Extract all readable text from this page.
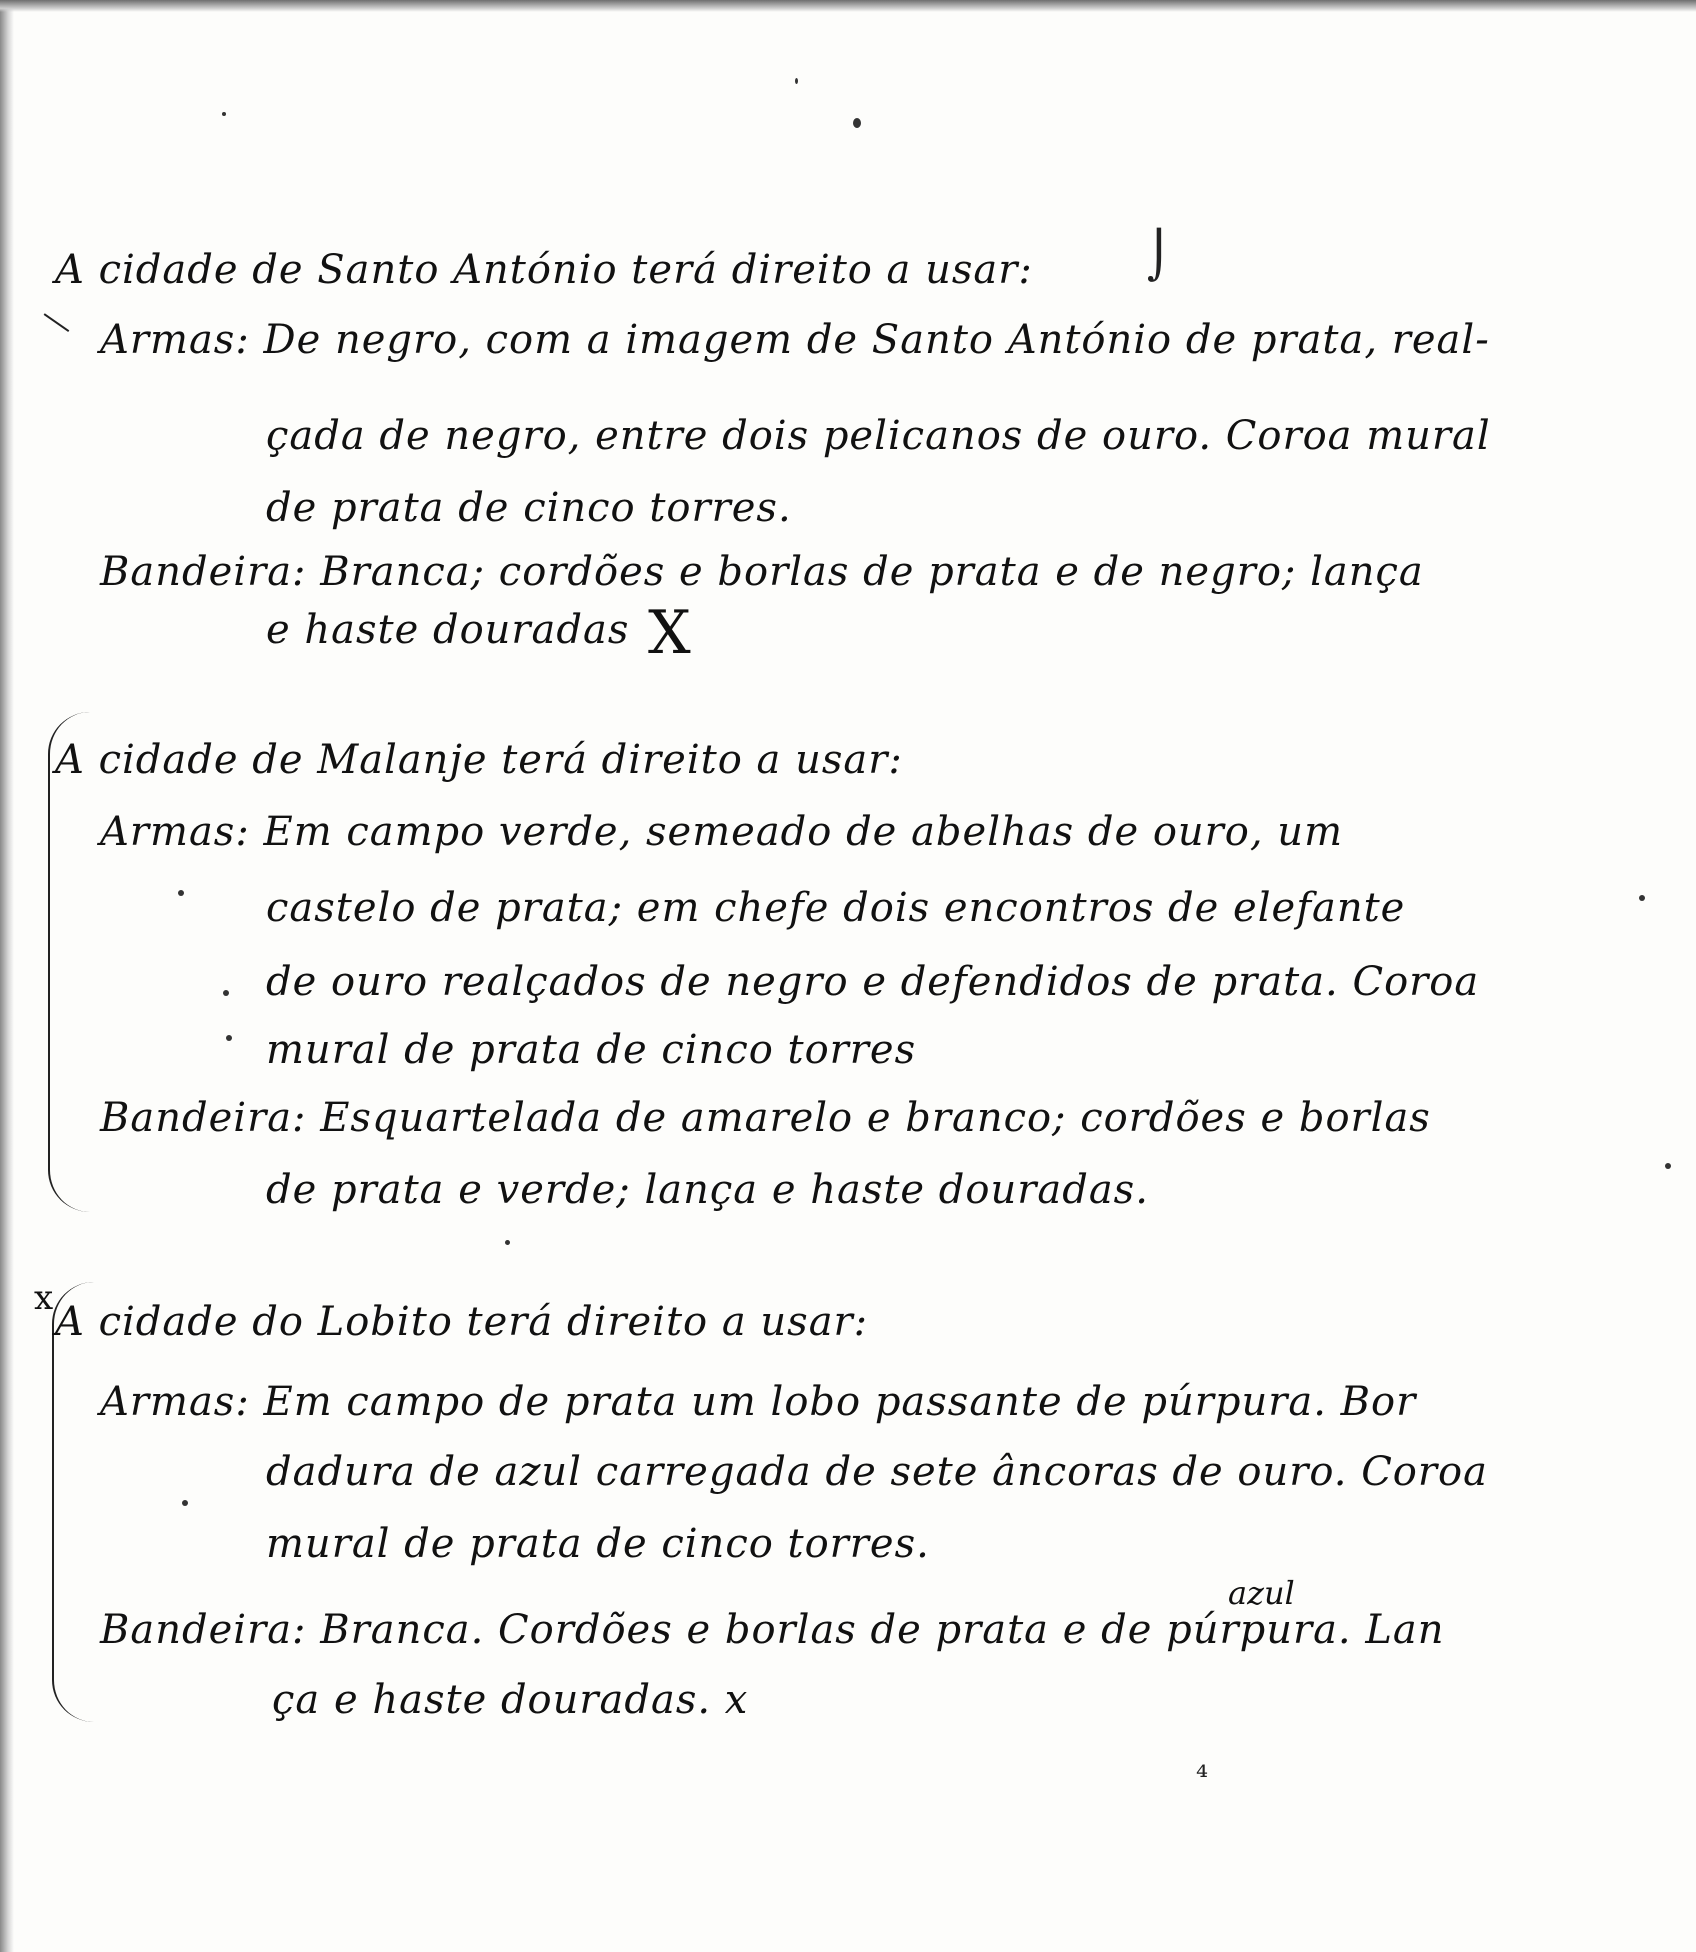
⌡
A cidade de Santo António terá direito a usar:
Armas: De negro, com a imagem de Santo António de prata, real-
çada de negro, entre dois pelicanos de ouro. Coroa mural
de prata de cinco torres.
Bandeira: Branca; cordões e borlas de prata e de negro; lança
e haste douradas X
A cidade de Malanje terá direito a usar:
Armas: Em campo verde, semeado de abelhas de ouro, um
castelo de prata; em chefe dois encontros de elefante
de ouro realçados de negro e defendidos de prata. Coroa
mural de prata de cinco torres
Bandeira: Esquartelada de amarelo e branco; cordões e borlas
de prata e verde; lança e haste douradas.
x
A cidade do Lobito terá direito a usar:
Armas: Em campo de prata um lobo passante de púrpura. Bor
dadura de azul carregada de sete âncoras de ouro. Coroa
mural de prata de cinco torres.
azul
Bandeira: Branca. Cordões e borlas de prata e de púrpura. Lan
ça e haste douradas. x
⁴
